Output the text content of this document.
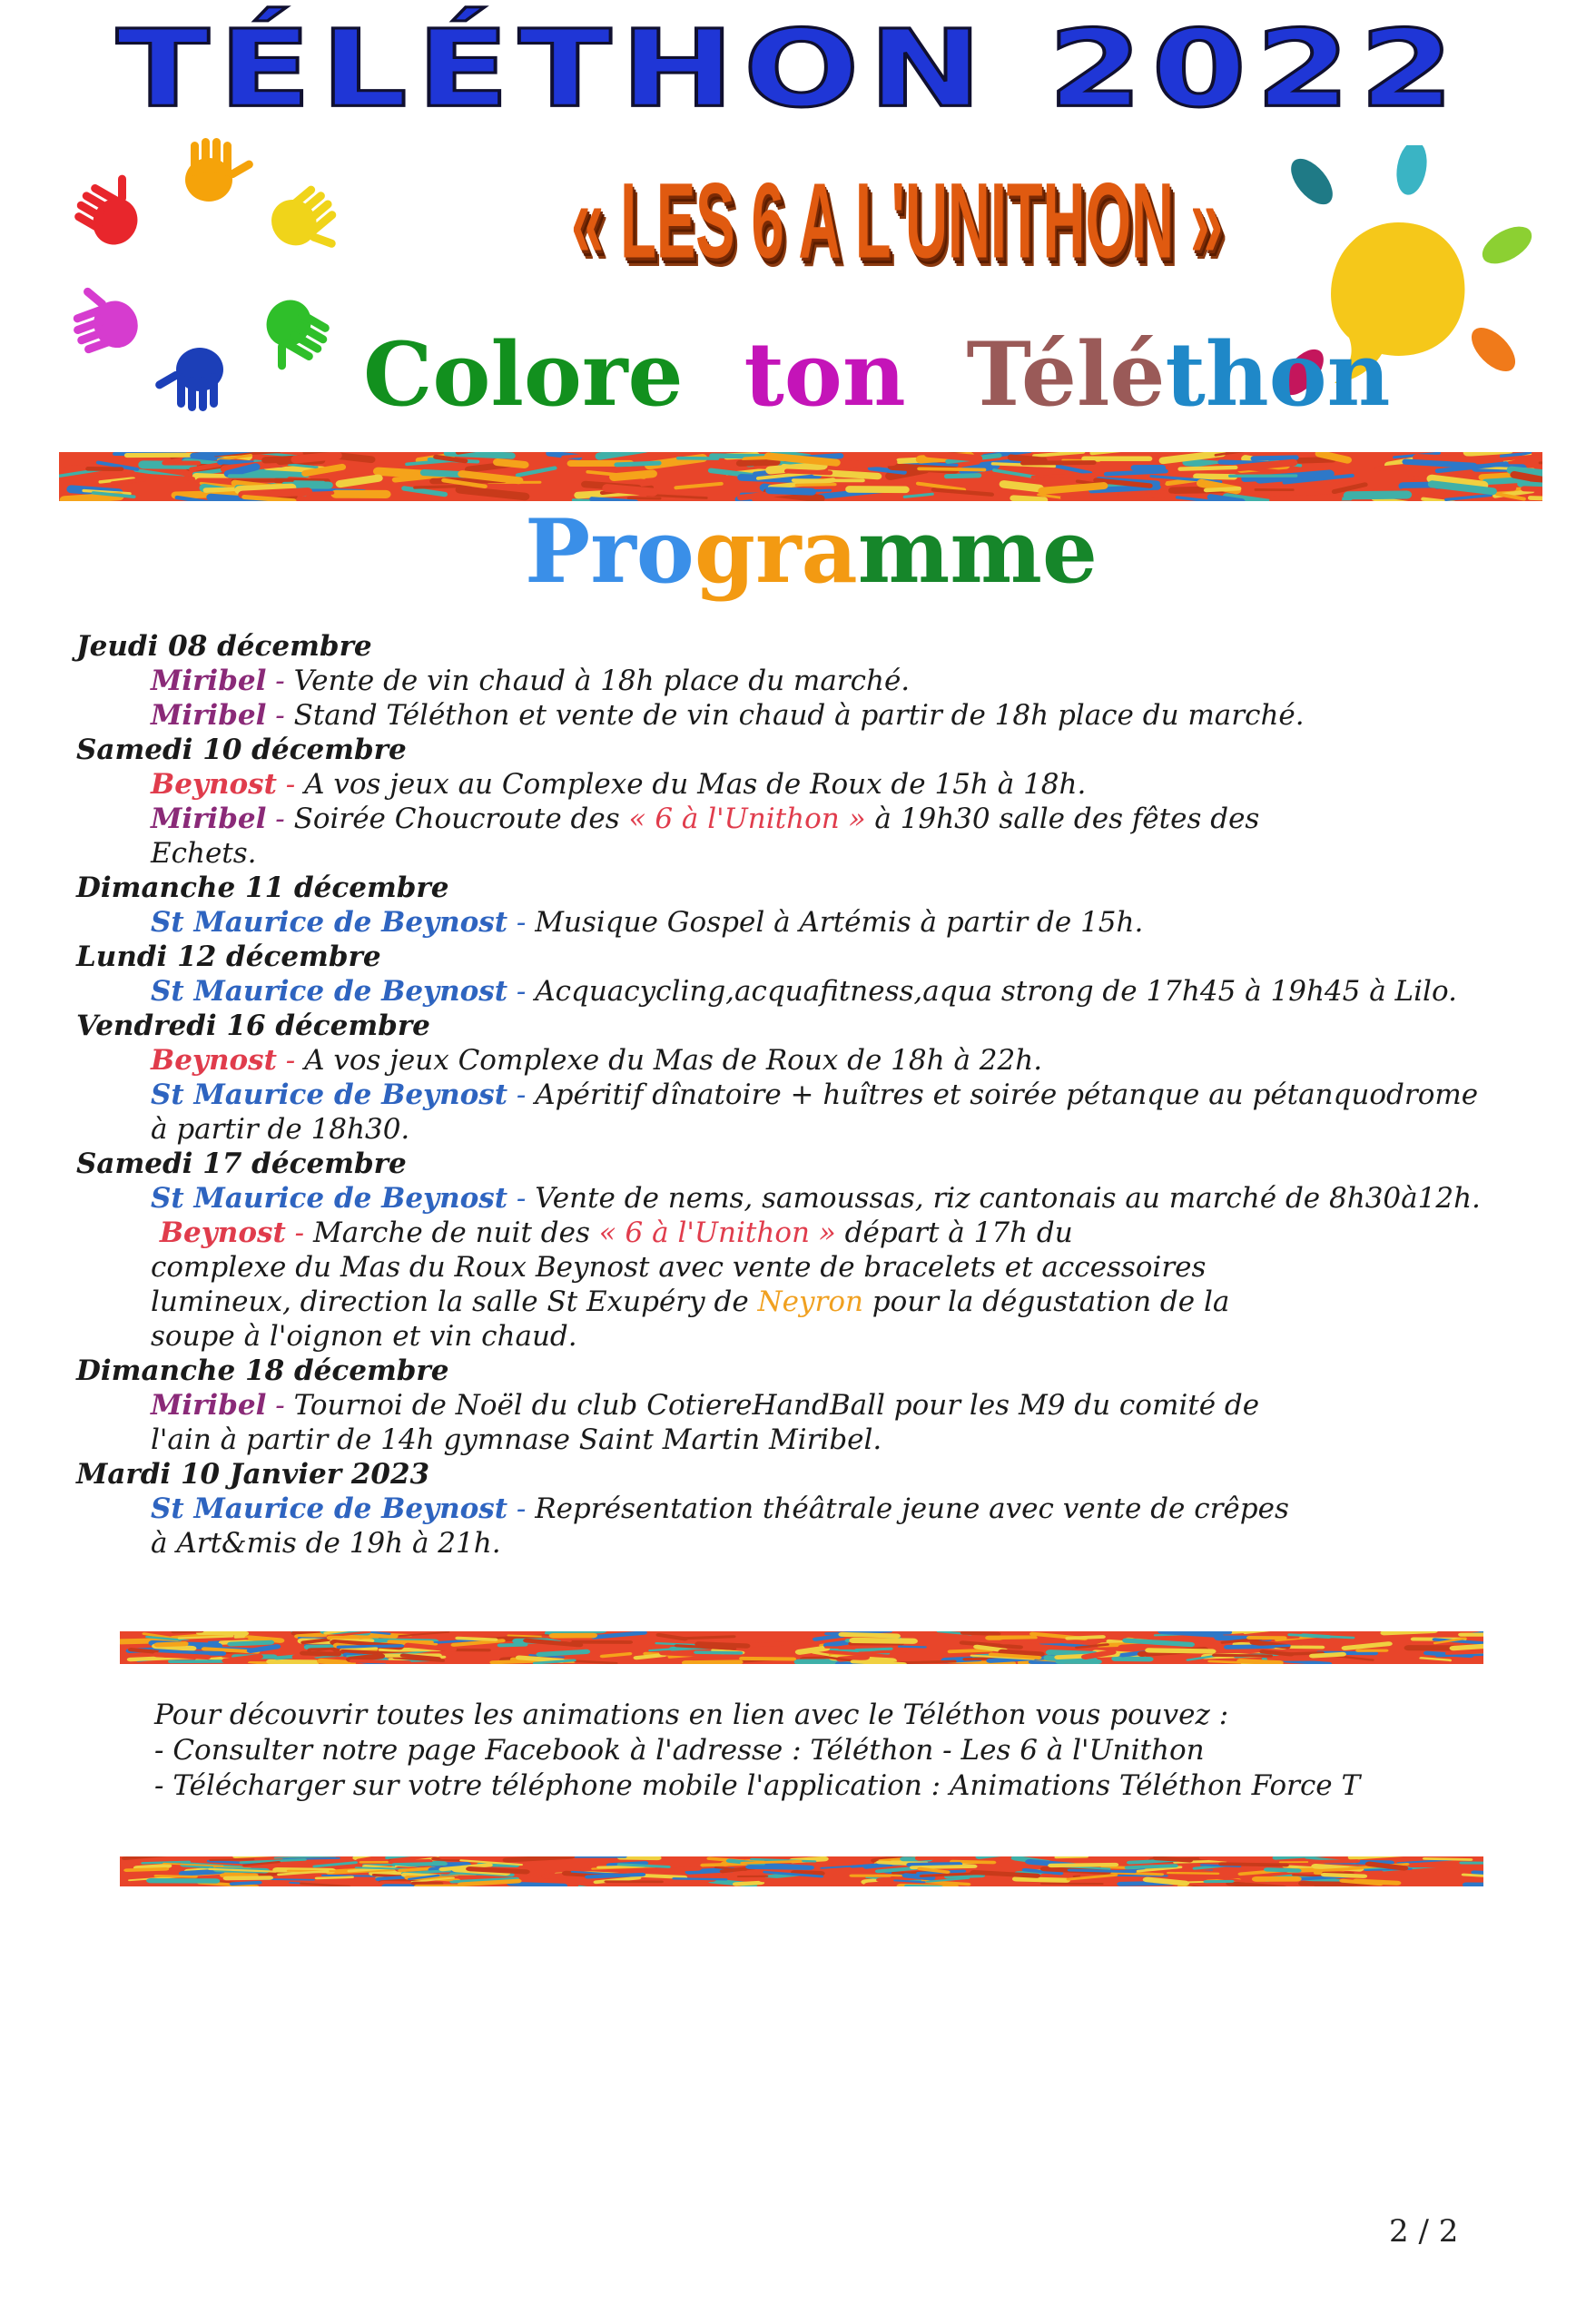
TÉLÉTHON 2022
« LES 6 A L'UNITHON »
Colore ton Téléthon
Programme
Jeudi 08 décembre
Miribel - Vente de vin chaud à 18h place du marché.
Miribel - Stand Téléthon et vente de vin chaud à partir de 18h place du marché.
Samedi 10 décembre
Beynost - A vos jeux au Complexe du Mas de Roux de 15h à 18h.
Miribel - Soirée Choucroute des « 6 à l'Unithon » à 19h30 salle des fêtes des
Echets.
Dimanche 11 décembre
St Maurice de Beynost - Musique Gospel à Artémis à partir de 15h.
Lundi 12 décembre
St Maurice de Beynost - Acquacycling,acquafitness,aqua strong de 17h45 à 19h45 à Lilo.
Vendredi 16 décembre
Beynost - A vos jeux Complexe du Mas de Roux de 18h à 22h.
St Maurice de Beynost - Apéritif dînatoire + huîtres et soirée pétanque au pétanquodrome
à partir de 18h30.
Samedi 17 décembre
St Maurice de Beynost - Vente de nems, samoussas, riz cantonais au marché de 8h30à12h.
Beynost - Marche de nuit des « 6 à l'Unithon » départ à 17h du
complexe du Mas du Roux Beynost avec vente de bracelets et accessoires
lumineux, direction la salle St Exupéry de Neyron pour la dégustation de la
soupe à l'oignon et vin chaud.
Dimanche 18 décembre
Miribel - Tournoi de Noël du club CotiereHandBall pour les M9 du comité de
l'ain à partir de 14h gymnase Saint Martin Miribel.
Mardi 10 Janvier 2023
St Maurice de Beynost - Représentation théâtrale jeune avec vente de crêpes
à Art&mis de 19h à 21h.
Pour découvrir toutes les animations en lien avec le Téléthon vous pouvez :
- Consulter notre page Facebook à l'adresse : Téléthon - Les 6 à l'Unithon
- Télécharger sur votre téléphone mobile l'application : Animations Téléthon Force T
2 / 2
